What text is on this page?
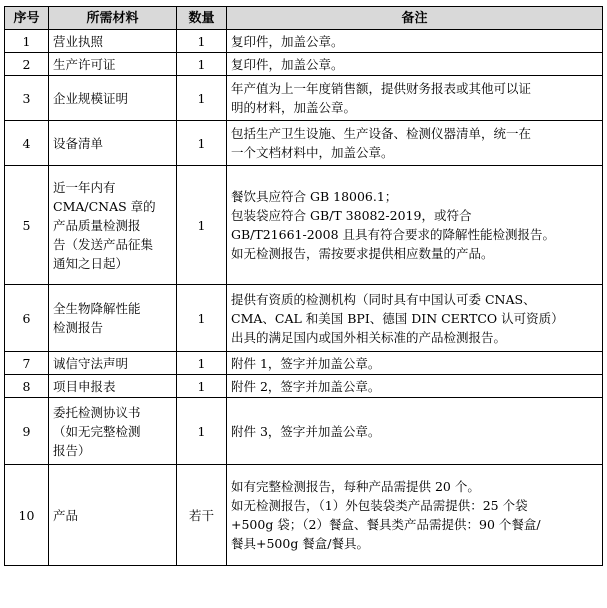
序号	所需材料	数量	备注
1	营业执照	1	复印件，加盖公章。

2	生产许可证	1	复印件，加盖公章。

3	企业规模证明	1	年产值为上一年度销售额，提供财务报表或其他可以证
明的材料，加盖公章。

4	设备清单	1	包括生产卫生设施、生产设备、检测仪器清单，统一在
一个文档材料中，加盖公章。

5	近一年内有
CMA/CNAS 章的
产品质量检测报
告（发送产品征集
通知之日起）	1	餐饮具应符合 GB 18006.1；
包装袋应符合 GB/T 38082-2019，或符合
GB/T21661-2008 且具有符合要求的降解性能检测报告。
如无检测报告，需按要求提供相应数量的产品。

6	全生物降解性能
检测报告	1	提供有资质的检测机构（同时具有中国认可委 CNAS、
CMA、CAL 和美国 BPI、德国 DIN CERTCO 认可资质）
出具的满足国内或国外相关标准的产品检测报告。

7	诚信守法声明	1	附件 1，签字并加盖公章。

8	项目申报表	1	附件 2，签字并加盖公章。

9	委托检测协议书
（如无完整检测
报告）	1	附件 3，签字并加盖公章。

10	产品	若干	如有完整检测报告，每种产品需提供 20 个。
如无检测报告，（1）外包装袋类产品需提供：25 个袋
+500g 袋；（2）餐盒、餐具类产品需提供：90 个餐盒/
餐具+500g 餐盒/餐具。
